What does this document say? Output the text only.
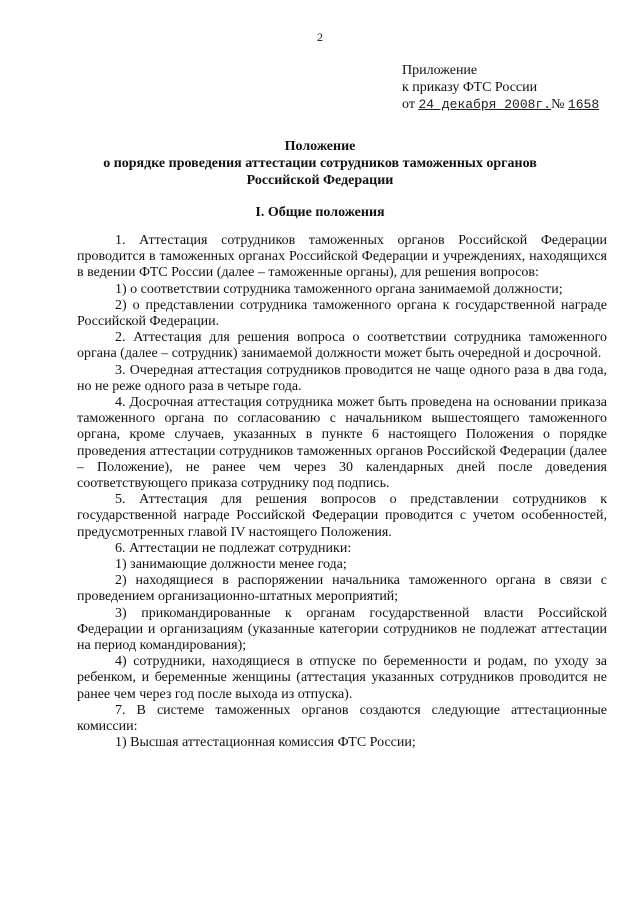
2
Приложение
к приказу ФТС России
от 24 декабря 2008г.№ 1658
Положение
о порядке проведения аттестации сотрудников таможенных органов
Российской Федерации
I. Общие положения

1. Аттестация сотрудников таможенных органов Российской Федерации проводится в таможенных органах Российской Федерации и учреждениях, находящихся в ведении ФТС России (далее – таможенные органы), для решения вопросов:

1) о соответствии сотрудника таможенного органа занимаемой должности;

2) о представлении сотрудника таможенного органа к государственной награде Российской Федерации.

2. Аттестация для решения вопроса о соответствии сотрудника таможенного органа (далее – сотрудник) занимаемой должности может быть очередной и досрочной.

3. Очередная аттестация сотрудников проводится не чаще одного раза в два года, но не реже одного раза в четыре года.

4. Досрочная аттестация сотрудника может быть проведена на основании приказа таможенного органа по согласованию с начальником вышестоящего таможенного органа, кроме случаев, указанных в пункте 6 настоящего Положения о порядке проведения аттестации сотрудников таможенных органов Российской Федерации (далее – Положение), не ранее чем через 30 календарных дней после доведения соответствующего приказа сотруднику под подпись.

5. Аттестация для решения вопросов о представлении сотрудников к государственной награде Российской Федерации проводится с учетом особенностей, предусмотренных главой IV настоящего Положения.

6. Аттестации не подлежат сотрудники:

1) занимающие должности менее года;

2) находящиеся в распоряжении начальника таможенного органа в связи с проведением организационно-штатных мероприятий;

3) прикомандированные к органам государственной власти Российской Федерации и организациям (указанные категории сотрудников не подлежат аттестации на период командирования);

4) сотрудники, находящиеся в отпуске по беременности и родам, по уходу за ребенком, и беременные женщины (аттестация указанных сотрудников проводится не ранее чем через год после выхода из отпуска).

7. В системе таможенных органов создаются следующие аттестационные комиссии:

1) Высшая аттестационная комиссия ФТС России;
